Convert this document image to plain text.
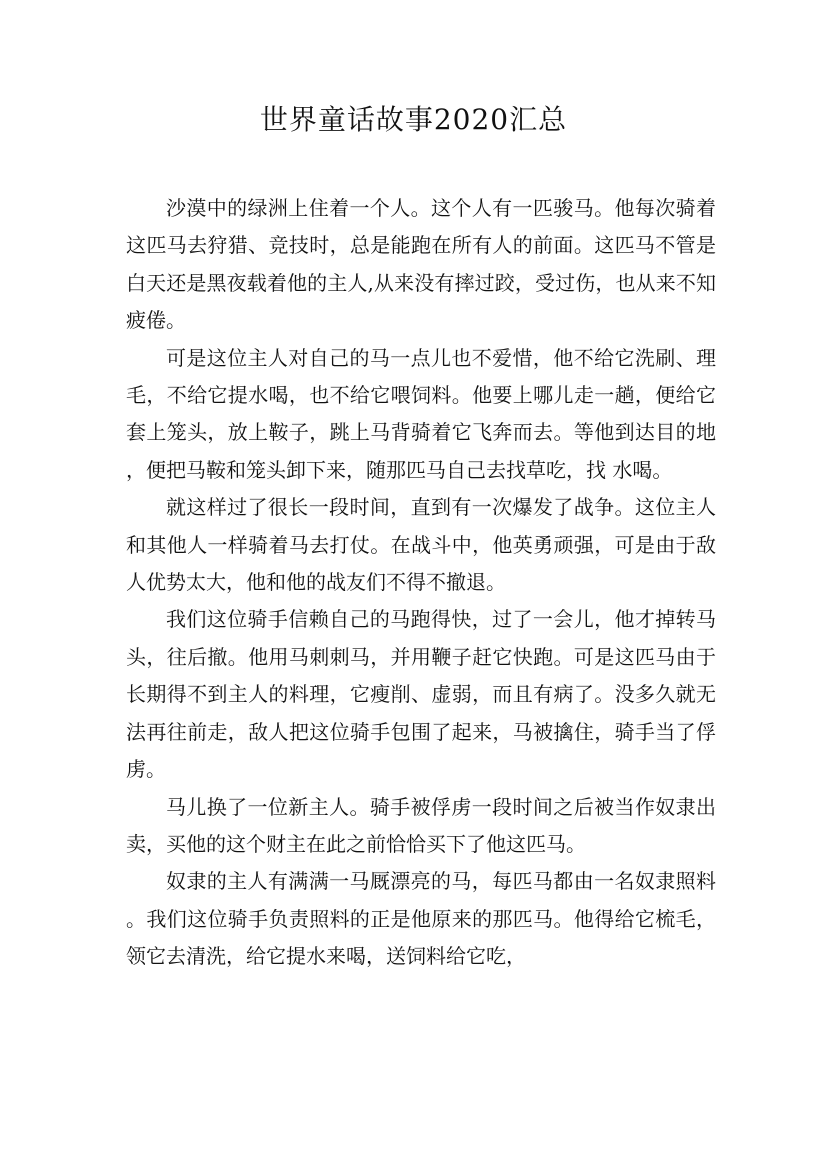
世界童话故事2020汇总

沙漠中的绿洲上住着一个人。这个人有一匹骏马。他每次骑着这匹马去狩猎、竞技时，总是能跑在所有人的前面。这匹马不管是白天还是黑夜载着他的主人,从来没有摔过跤，受过伤，也从来不知疲倦。

可是这位主人对自己的马一点儿也不爱惜，他不给它洗刷、理毛，不给它提水喝，也不给它喂饲料。他要上哪儿走一趟，便给它套上笼头，放上鞍子，跳上马背骑着它飞奔而去。等他到达目的地，便把马鞍和笼头卸下来，随那匹马自己去找草吃，找 水喝。

就这样过了很长一段时间，直到有一次爆发了战争。这位主人和其他人一样骑着马去打仗。在战斗中，他英勇顽强，可是由于敌人优势太大，他和他的战友们不得不撤退。

我们这位骑手信赖自己的马跑得快，过了一会儿，他才掉转马头，往后撤。他用马刺刺马，并用鞭子赶它快跑。可是这匹马由于长期得不到主人的料理，它瘦削、虚弱，而且有病了。没多久就无法再往前走，敌人把这位骑手包围了起来，马被擒住，骑手当了俘虏。

马儿换了一位新主人。骑手被俘虏一段时间之后被当作奴隶出卖，买他的这个财主在此之前恰恰买下了他这匹马。

奴隶的主人有满满一马厩漂亮的马，每匹马都由一名奴隶照料。我们这位骑手负责照料的正是他原来的那匹马。他得给它梳毛，领它去清洗，给它提水来喝，送饲料给它吃，
